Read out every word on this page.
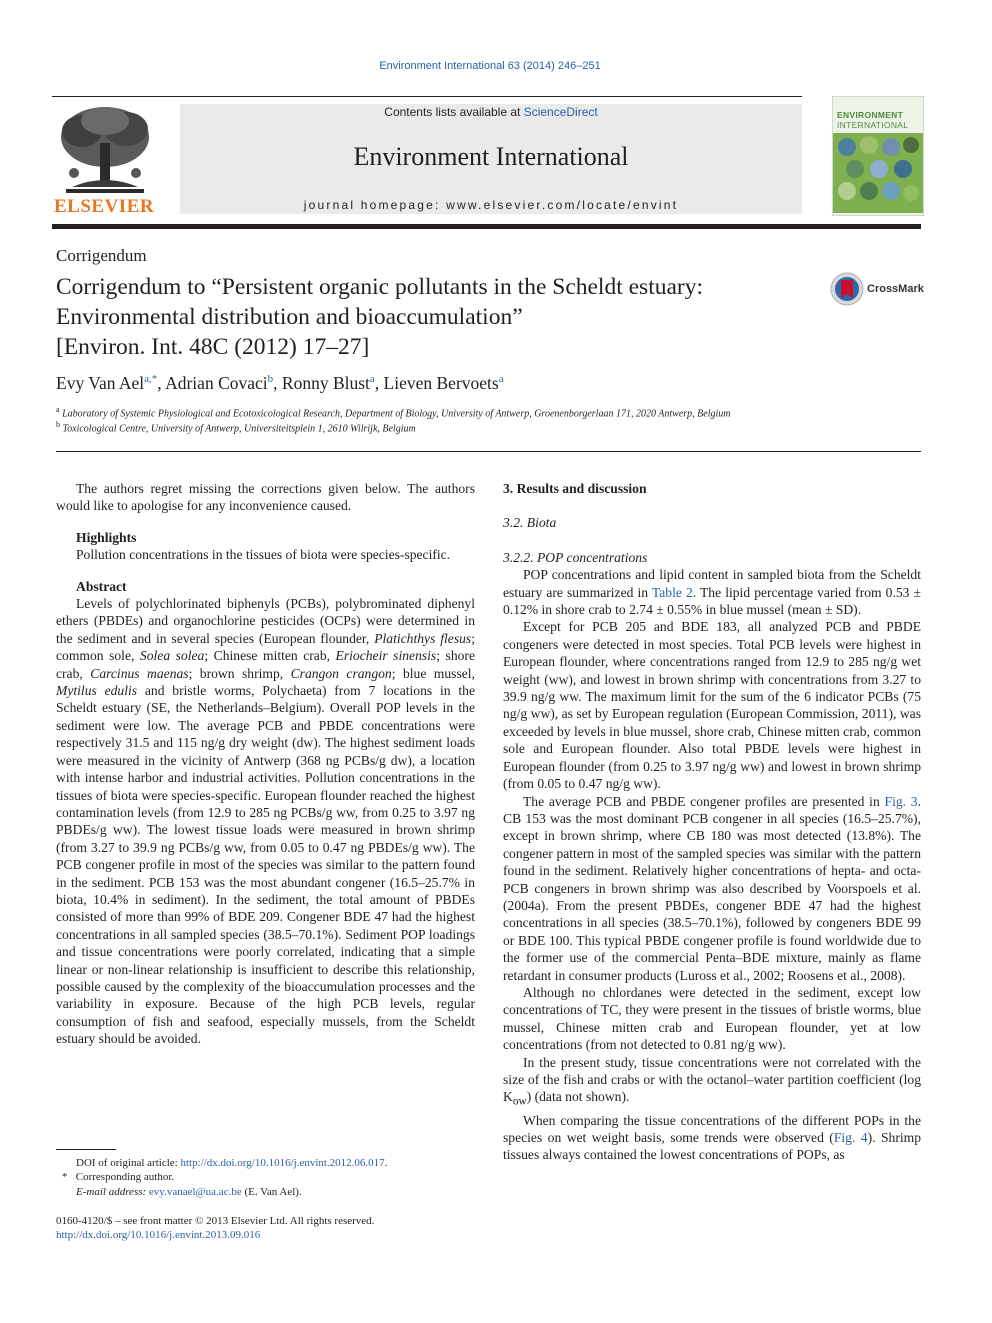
Environment International 63 (2014) 246–251
ELSEVIER
Contents lists available at ScienceDirect
Environment International
journal homepage: www.elsevier.com/locate/envint
ENVIRONMENT
INTERNATIONAL
Corrigendum
Corrigendum to “Persistent organic pollutants in the Scheldt estuary:
Environmental distribution and bioaccumulation”
[Environ. Int. 48C (2012) 17–27]
CrossMark
Evy Van Ael$^{a,*}$, Adrian Covaci$^b$, Ronny Blust$^a$, Lieven Bervoets$^a$
$^a$ Laboratory of Systemic Physiological and Ecotoxicological Research, Department of Biology, University of Antwerp, Groenenborgerlaan 171, 2020 Antwerp, Belgium
$^b$ Toxicological Centre, University of Antwerp, Universiteitsplein 1, 2610 Wilrijk, Belgium

The authors regret missing the corrections given below. The authors would like to apologise for any inconvenience caused.

Highlights

Pollution concentrations in the tissues of biota were species-specific.

Abstract

Levels of polychlorinated biphenyls (PCBs), polybrominated diphenyl ethers (PBDEs) and organochlorine pesticides (OCPs) were determined in the sediment and in several species (European flounder, Platichthys flesus; common sole, Solea solea; Chinese mitten crab, Eriocheir sinensis; shore crab, Carcinus maenas; brown shrimp, Crangon crangon; blue mussel, Mytilus edulis and bristle worms, Polychaeta) from 7 locations in the Scheldt estuary (SE, the Netherlands–Belgium). Overall POP levels in the sediment were low. The average PCB and PBDE concentrations were respectively 31.5 and 115 ng/g dry weight (dw). The highest sediment loads were measured in the vicinity of Antwerp (368 ng PCBs/g dw), a location with intense harbor and industrial activities. Pollution concentrations in the tissues of biota were species-specific. European flounder reached the highest contamination levels (from 12.9 to 285 ng PCBs/g ww, from 0.25 to 3.97 ng PBDEs/g ww). The lowest tissue loads were measured in brown shrimp (from 3.27 to 39.9 ng PCBs/g ww, from 0.05 to 0.47 ng PBDEs/g ww). The PCB congener profile in most of the species was similar to the pattern found in the sediment. PCB 153 was the most abundant congener (16.5–25.7% in biota, 10.4% in sediment). In the sediment, the total amount of PBDEs consisted of more than 99% of BDE 209. Congener BDE 47 had the highest concentrations in all sampled species (38.5–70.1%). Sediment POP loadings and tissue concentrations were poorly correlated, indicating that a simple linear or non-linear relationship is insufficient to describe this relationship, possible caused by the complexity of the bioaccumulation processes and the variability in exposure. Because of the high PCB levels, regular consumption of fish and seafood, especially mussels, from the Scheldt estuary should be avoided.

3. Results and discussion

3.2. Biota

3.2.2. POP concentrations

POP concentrations and lipid content in sampled biota from the Scheldt estuary are summarized in Table 2. The lipid percentage varied from 0.53 ± 0.12% in shore crab to 2.74 ± 0.55% in blue mussel (mean ± SD).

Except for PCB 205 and BDE 183, all analyzed PCB and PBDE congeners were detected in most species. Total PCB levels were highest in European flounder, where concentrations ranged from 12.9 to 285 ng/g wet weight (ww), and lowest in brown shrimp with concentrations from 3.27 to 39.9 ng/g ww. The maximum limit for the sum of the 6 indicator PCBs (75 ng/g ww), as set by European regulation (European Commission, 2011), was exceeded by levels in blue mussel, shore crab, Chinese mitten crab, common sole and European flounder. Also total PBDE levels were highest in European flounder (from 0.25 to 3.97 ng/g ww) and lowest in brown shrimp (from 0.05 to 0.47 ng/g ww).

The average PCB and PBDE congener profiles are presented in Fig. 3. CB 153 was the most dominant PCB congener in all species (16.5–25.7%), except in brown shrimp, where CB 180 was most detected (13.8%). The congener pattern in most of the sampled species was similar with the pattern found in the sediment. Relatively higher concentrations of hepta- and octa-PCB congeners in brown shrimp was also described by Voorspoels et al. (2004a). From the present PBDEs, congener BDE 47 had the highest concentrations in all species (38.5–70.1%), followed by congeners BDE 99 or BDE 100. This typical PBDE congener profile is found worldwide due to the former use of the commercial Penta–BDE mixture, mainly as flame retardant in consumer products (Luross et al., 2002; Roosens et al., 2008).

Although no chlordanes were detected in the sediment, except low concentrations of TC, they were present in the tissues of bristle worms, blue mussel, Chinese mitten crab and European flounder, yet at low concentrations (from not detected to 0.81 ng/g ww).

In the present study, tissue concentrations were not correlated with the size of the fish and crabs or with the octanol–water partition coefficient (log $K_{ow}$) (data not shown).

When comparing the tissue concentrations of the different POPs in the species on wet weight basis, some trends were observed (Fig. 4). Shrimp tissues always contained the lowest concentrations of POPs, as

DOI of original article: http://dx.doi.org/10.1016/j.envint.2012.06.017.
* Corresponding author.
E-mail address: evy.vanael@ua.ac.be (E. Van Ael).
0160-4120/$ – see front matter © 2013 Elsevier Ltd. All rights reserved.
http://dx.doi.org/10.1016/j.envint.2013.09.016
